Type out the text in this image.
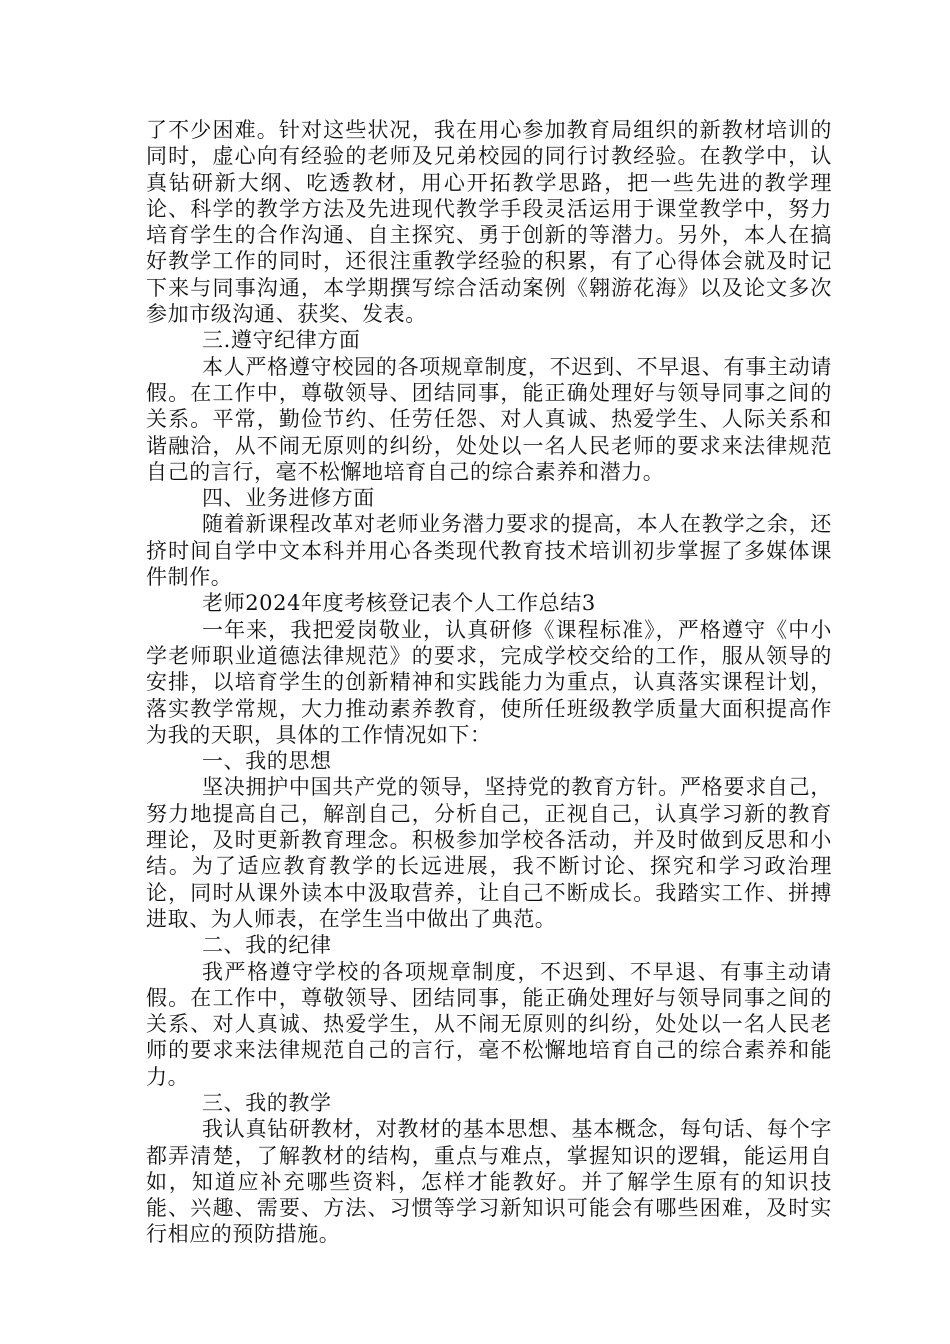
了不少困难。针对这些状况，我在用心参加教育局组织的新教材培训的同时，虚心向有经验的老师及兄弟校园的同行讨教经验。在教学中，认真钻研新大纲、吃透教材，用心开拓教学思路，把一些先进的教学理论、科学的教学方法及先进现代教学手段灵活运用于课堂教学中，努力培育学生的合作沟通、自主探究、勇于创新的等潜力。另外，本人在搞好教学工作的同时，还很注重教学经验的积累，有了心得体会就及时记下来与同事沟通，本学期撰写综合活动案例《翱游花海》以及论文多次参加市级沟通、获奖、发表。

三.遵守纪律方面

本人严格遵守校园的各项规章制度，不迟到、不早退、有事主动请假。在工作中，尊敬领导、团结同事，能正确处理好与领导同事之间的关系。平常，勤俭节约、任劳任怨、对人真诚、热爱学生、人际关系和谐融洽，从不闹无原则的纠纷，处处以一名人民老师的要求来法律规范自己的言行，毫不松懈地培育自己的综合素养和潜力。

四、业务进修方面

随着新课程改革对老师业务潜力要求的提高，本人在教学之余，还挤时间自学中文本科并用心各类现代教育技术培训初步掌握了多媒体课件制作。

老师2024年度考核登记表个人工作总结3

一年来，我把爱岗敬业，认真研修《课程标准》，严格遵守《中小学老师职业道德法律规范》的要求，完成学校交给的工作，服从领导的安排，以培育学生的创新精神和实践能力为重点，认真落实课程计划，落实教学常规，大力推动素养教育，使所任班级教学质量大面积提高作为我的天职，具体的工作情况如下：

一、我的思想

坚决拥护中国共产党的领导，坚持党的教育方针。严格要求自己，努力地提高自己，解剖自己，分析自己，正视自己，认真学习新的教育理论，及时更新教育理念。积极参加学校各活动，并及时做到反思和小结。为了适应教育教学的长远进展，我不断讨论、探究和学习政治理论，同时从课外读本中汲取营养，让自己不断成长。我踏实工作、拼搏进取、为人师表，在学生当中做出了典范。

二、我的纪律

我严格遵守学校的各项规章制度，不迟到、不早退、有事主动请假。在工作中，尊敬领导、团结同事，能正确处理好与领导同事之间的关系、对人真诚、热爱学生，从不闹无原则的纠纷，处处以一名人民老师的要求来法律规范自己的言行，毫不松懈地培育自己的综合素养和能力。

三、我的教学

我认真钻研教材，对教材的基本思想、基本概念，每句话、每个字都弄清楚，了解教材的结构，重点与难点，掌握知识的逻辑，能运用自如，知道应补充哪些资料，怎样才能教好。并了解学生原有的知识技能、兴趣、需要、方法、习惯等学习新知识可能会有哪些困难，及时实行相应的预防措施。
